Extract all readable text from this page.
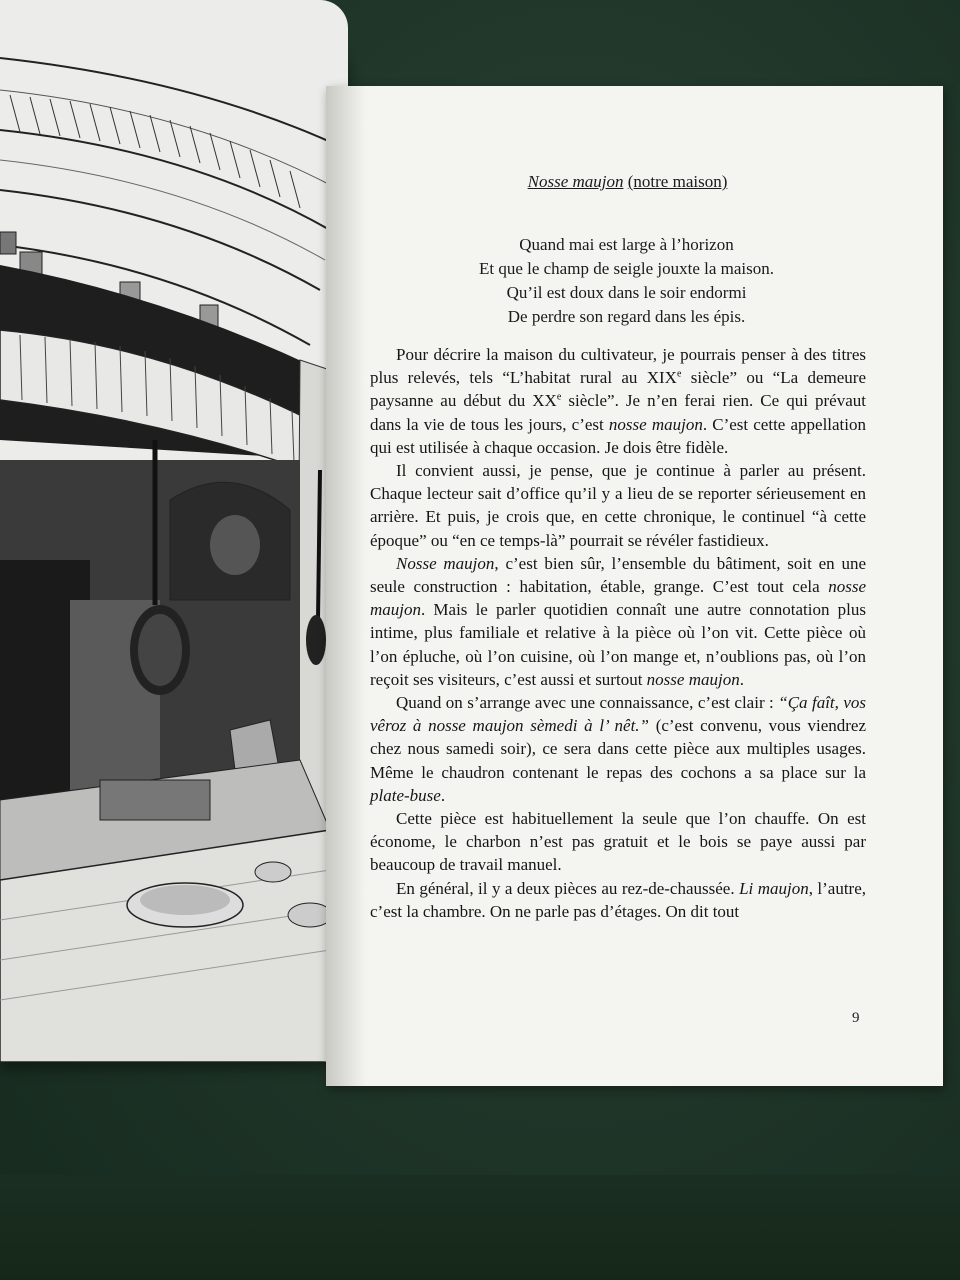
Nosse maujon (notre maison)
Quand mai est large à l’horizon
Et que le champ de seigle jouxte la maison.
Qu’il est doux dans le soir endormi
De perdre son regard dans les épis.

Pour décrire la maison du cultivateur, je pourrais penser à des titres plus relevés, tels “L’habitat rural au XIXe siècle” ou “La demeure paysanne au début du XXe siècle”. Je n’en ferai rien. Ce qui prévaut dans la vie de tous les jours, c’est nosse maujon. C’est cette appellation qui est utilisée à chaque occasion. Je dois être fidèle.

Il convient aussi, je pense, que je continue à parler au présent. Chaque lecteur sait d’office qu’il y a lieu de se reporter sérieusement en arrière. Et puis, je crois que, en cette chronique, le continuel “à cette époque” ou “en ce temps-là” pourrait se révéler fastidieux.

Nosse maujon, c’est bien sûr, l’ensemble du bâtiment, soit en une seule construction : habitation, étable, grange. C’est tout cela nosse maujon. Mais le parler quotidien connaît une autre connotation plus intime, plus familiale et relative à la pièce où l’on vit. Cette pièce où l’on épluche, où l’on cuisine, où l’on mange et, n’oublions pas, où l’on reçoit ses visiteurs, c’est aussi et surtout nosse maujon.

Quand on s’arrange avec une connaissance, c’est clair : “Ça faît, vos vêroz à nosse maujon sèmedi à l’ nêt.” (c’est convenu, vous viendrez chez nous samedi soir), ce sera dans cette pièce aux multiples usages. Même le chaudron contenant le repas des cochons a sa place sur la plate-buse.

Cette pièce est habituellement la seule que l’on chauffe. On est économe, le charbon n’est pas gratuit et le bois se paye aussi par beaucoup de travail manuel.

En général, il y a deux pièces au rez-de-chaussée. Li maujon, l’autre, c’est la chambre. On ne parle pas d’étages. On dit tout

9
